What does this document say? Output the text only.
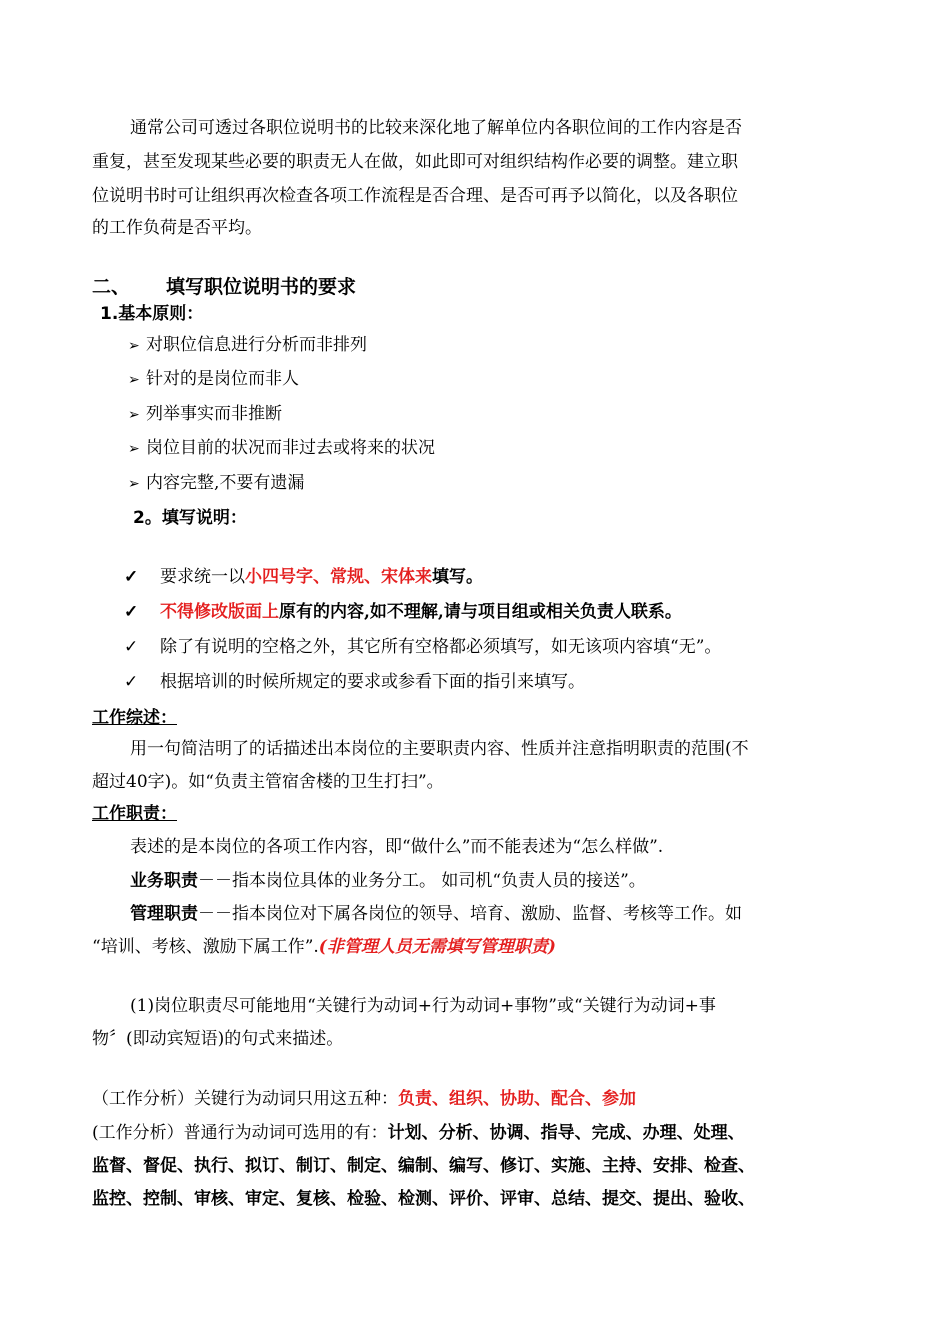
通常公司可透过各职位说明书的比较来深化地了解单位内各职位间的工作内容是否
重复，甚至发现某些必要的职责无人在做，如此即可对组织结构作必要的调整。建立职
位说明书时可让组织再次检查各项工作流程是否合理、是否可再予以简化，以及各职位
的工作负荷是否平均。
二、 填写职位说明书的要求
1.基本原则：
➢ 对职位信息进行分析而非排列
➢ 针对的是岗位而非人
➢ 列举事实而非推断
➢ 岗位目前的状况而非过去或将来的状况
➢ 内容完整,不要有遗漏
2。填写说明：
✓ 要求统一以小四号字、常规、宋体来填写。
✓ 不得修改版面上原有的内容,如不理解,请与项目组或相关负责人联系。
✓ 除了有说明的空格之外，其它所有空格都必须填写，如无该项内容填“无”。
✓ 根据培训的时候所规定的要求或参看下面的指引来填写。
工作综述：
用一句简洁明了的话描述出本岗位的主要职责内容、性质并注意指明职责的范围(不
超过40字)。如“负责主管宿舍楼的卫生打扫”。
工作职责：
表述的是本岗位的各项工作内容，即“做什么”而不能表述为“怎么样做”.
业务职责－－指本岗位具体的业务分工。 如司机“负责人员的接送”。
管理职责－－指本岗位对下属各岗位的领导、培育、激励、监督、考核等工作。如
“培训、考核、激励下属工作”.(非管理人员无需填写管理职责)
(1)岗位职责尽可能地用“关键行为动词+行为动词+事物”或“关键行为动词+事
物〞(即动宾短语)的句式来描述。
（工作分析）关键行为动词只用这五种：负责、组织、协助、配合、参加
(工作分析）普通行为动词可选用的有：计划、分析、协调、指导、完成、办理、处理、
监督、督促、执行、拟订、制订、制定、编制、编写、修订、实施、主持、安排、检查、
监控、控制、审核、审定、复核、检验、检测、评价、评审、总结、提交、提出、验收、
